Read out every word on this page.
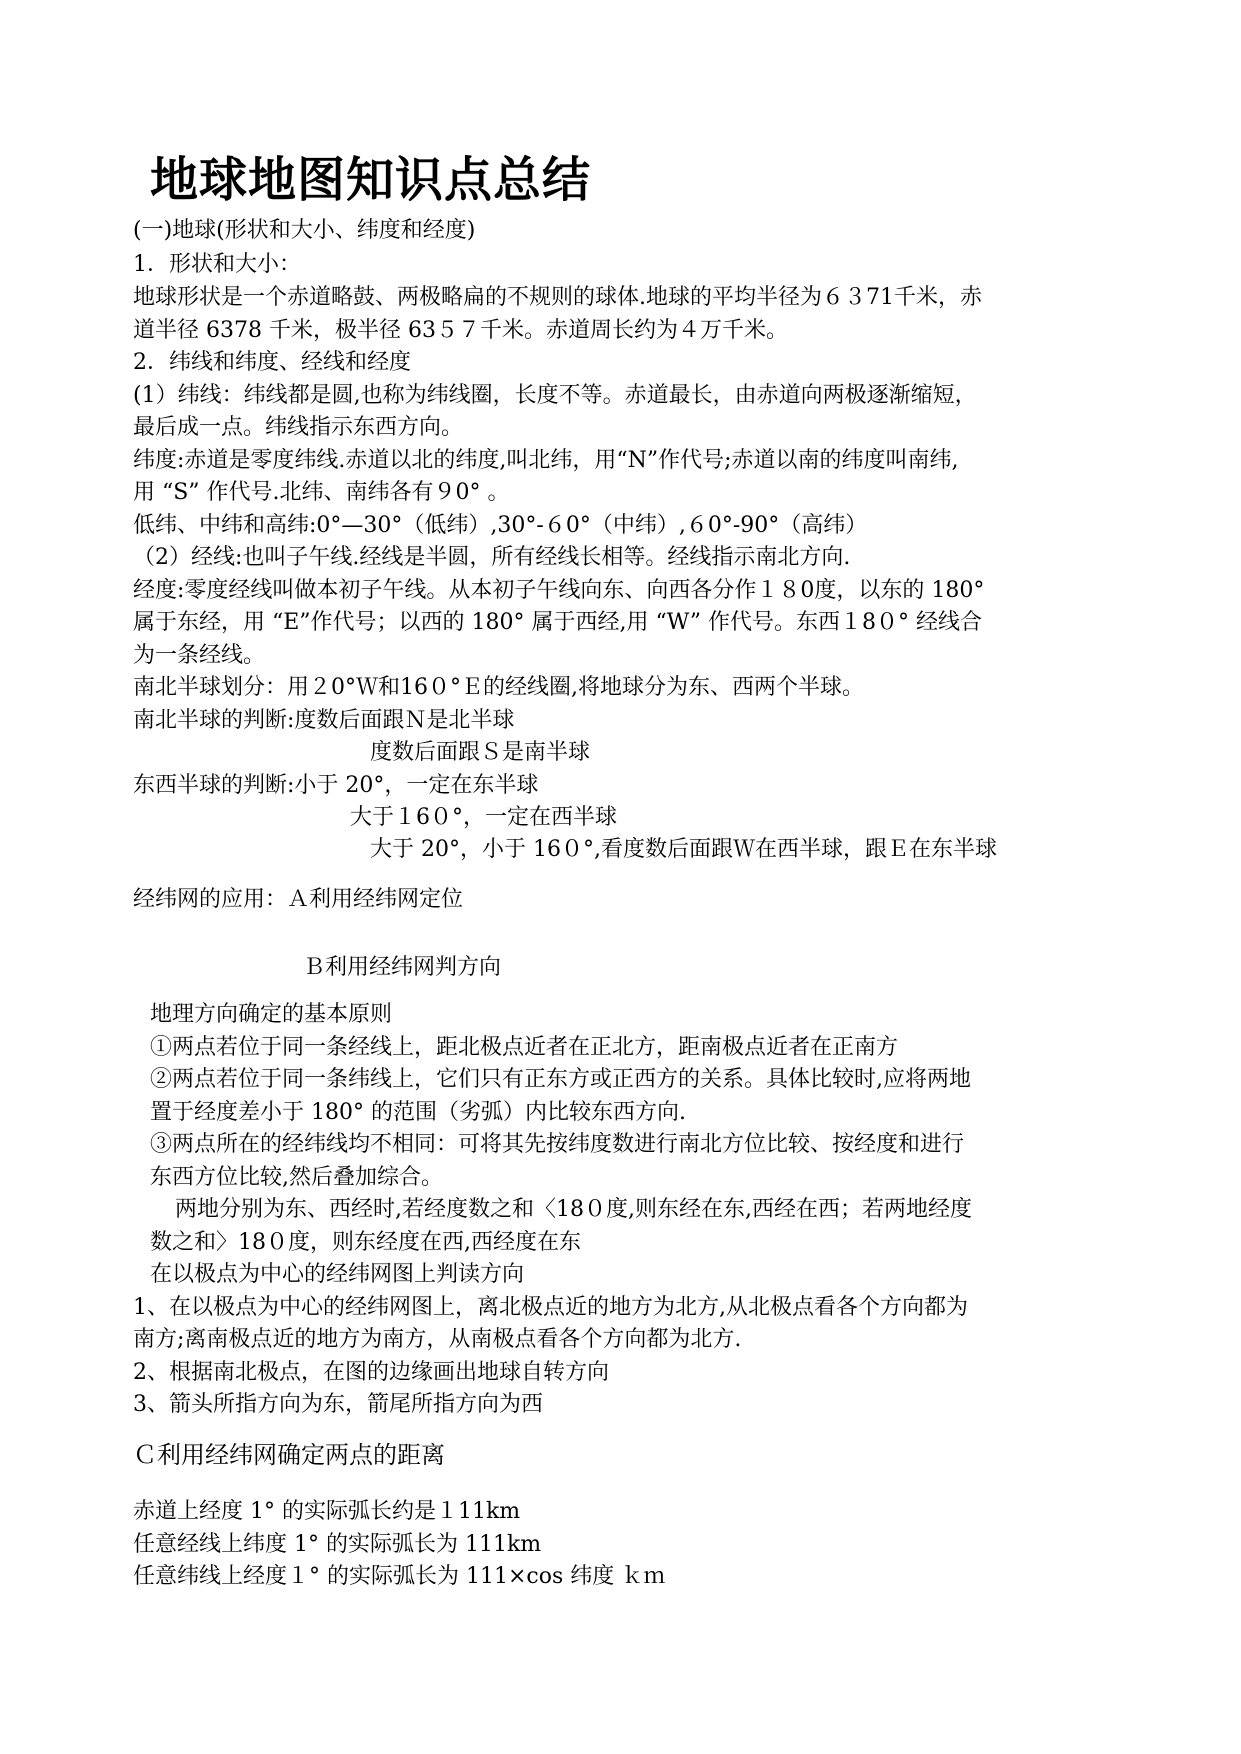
地球地图知识点总结
(一)地球(形状和大小、纬度和经度)
1．形状和大小：
地球形状是一个赤道略鼓、两极略扁的不规则的球体.地球的平均半径为６３71千米，赤
道半径 6378 千米，极半径 63５７千米。赤道周长约为４万千米。
2．纬线和纬度、经线和经度
(1）纬线：纬线都是圆,也称为纬线圈，长度不等。赤道最长，由赤道向两极逐渐缩短，
最后成一点。纬线指示东西方向。
纬度:赤道是零度纬线.赤道以北的纬度,叫北纬，用“N”作代号;赤道以南的纬度叫南纬,
用 “S” 作代号.北纬、南纬各有９0° 。
低纬、中纬和高纬:0°—30°（低纬）,30°-６0°（中纬）,６0°-90°（高纬）
（2）经线:也叫子午线.经线是半圆，所有经线长相等。经线指示南北方向.
经度:零度经线叫做本初子午线。从本初子午线向东、向西各分作１８0度，以东的 180°
属于东经，用 “E”作代号；以西的 180° 属于西经,用 “W” 作代号。东西１8０° 经线合
为一条经线。
南北半球划分：用２0°Ｗ和16０°Ｅ的经线圈,将地球分为东、西两个半球。
南北半球的判断:度数后面跟Ｎ是北半球
度数后面跟Ｓ是南半球
东西半球的判断:小于 20°，一定在东半球
大于１6０°，一定在西半球
大于 20°，小于 16０°,看度数后面跟Ｗ在西半球，跟Ｅ在东半球
经纬网的应用：Ａ利用经纬网定位
Ｂ利用经纬网判方向
地理方向确定的基本原则
①两点若位于同一条经线上，距北极点近者在正北方，距南极点近者在正南方
②两点若位于同一条纬线上，它们只有正东方或正西方的关系。具体比较时,应将两地
置于经度差小于 180° 的范围（劣弧）内比较东西方向.
③两点所在的经纬线均不相同：可将其先按纬度数进行南北方位比较、按经度和进行
东西方位比较,然后叠加综合。
两地分别为东、西经时,若经度数之和〈18０度,则东经在东,西经在西；若两地经度
数之和〉18０度，则东经度在西,西经度在东
在以极点为中心的经纬网图上判读方向
1、在以极点为中心的经纬网图上，离北极点近的地方为北方,从北极点看各个方向都为
南方;离南极点近的地方为南方，从南极点看各个方向都为北方.
2、根据南北极点，在图的边缘画出地球自转方向
3、箭头所指方向为东，箭尾所指方向为西
Ｃ利用经纬网确定两点的距离
赤道上经度 1° 的实际弧长约是１11km
任意经线上纬度 1° 的实际弧长为 111km
任意纬线上经度１° 的实际弧长为 111×cos 纬度 ｋｍ
